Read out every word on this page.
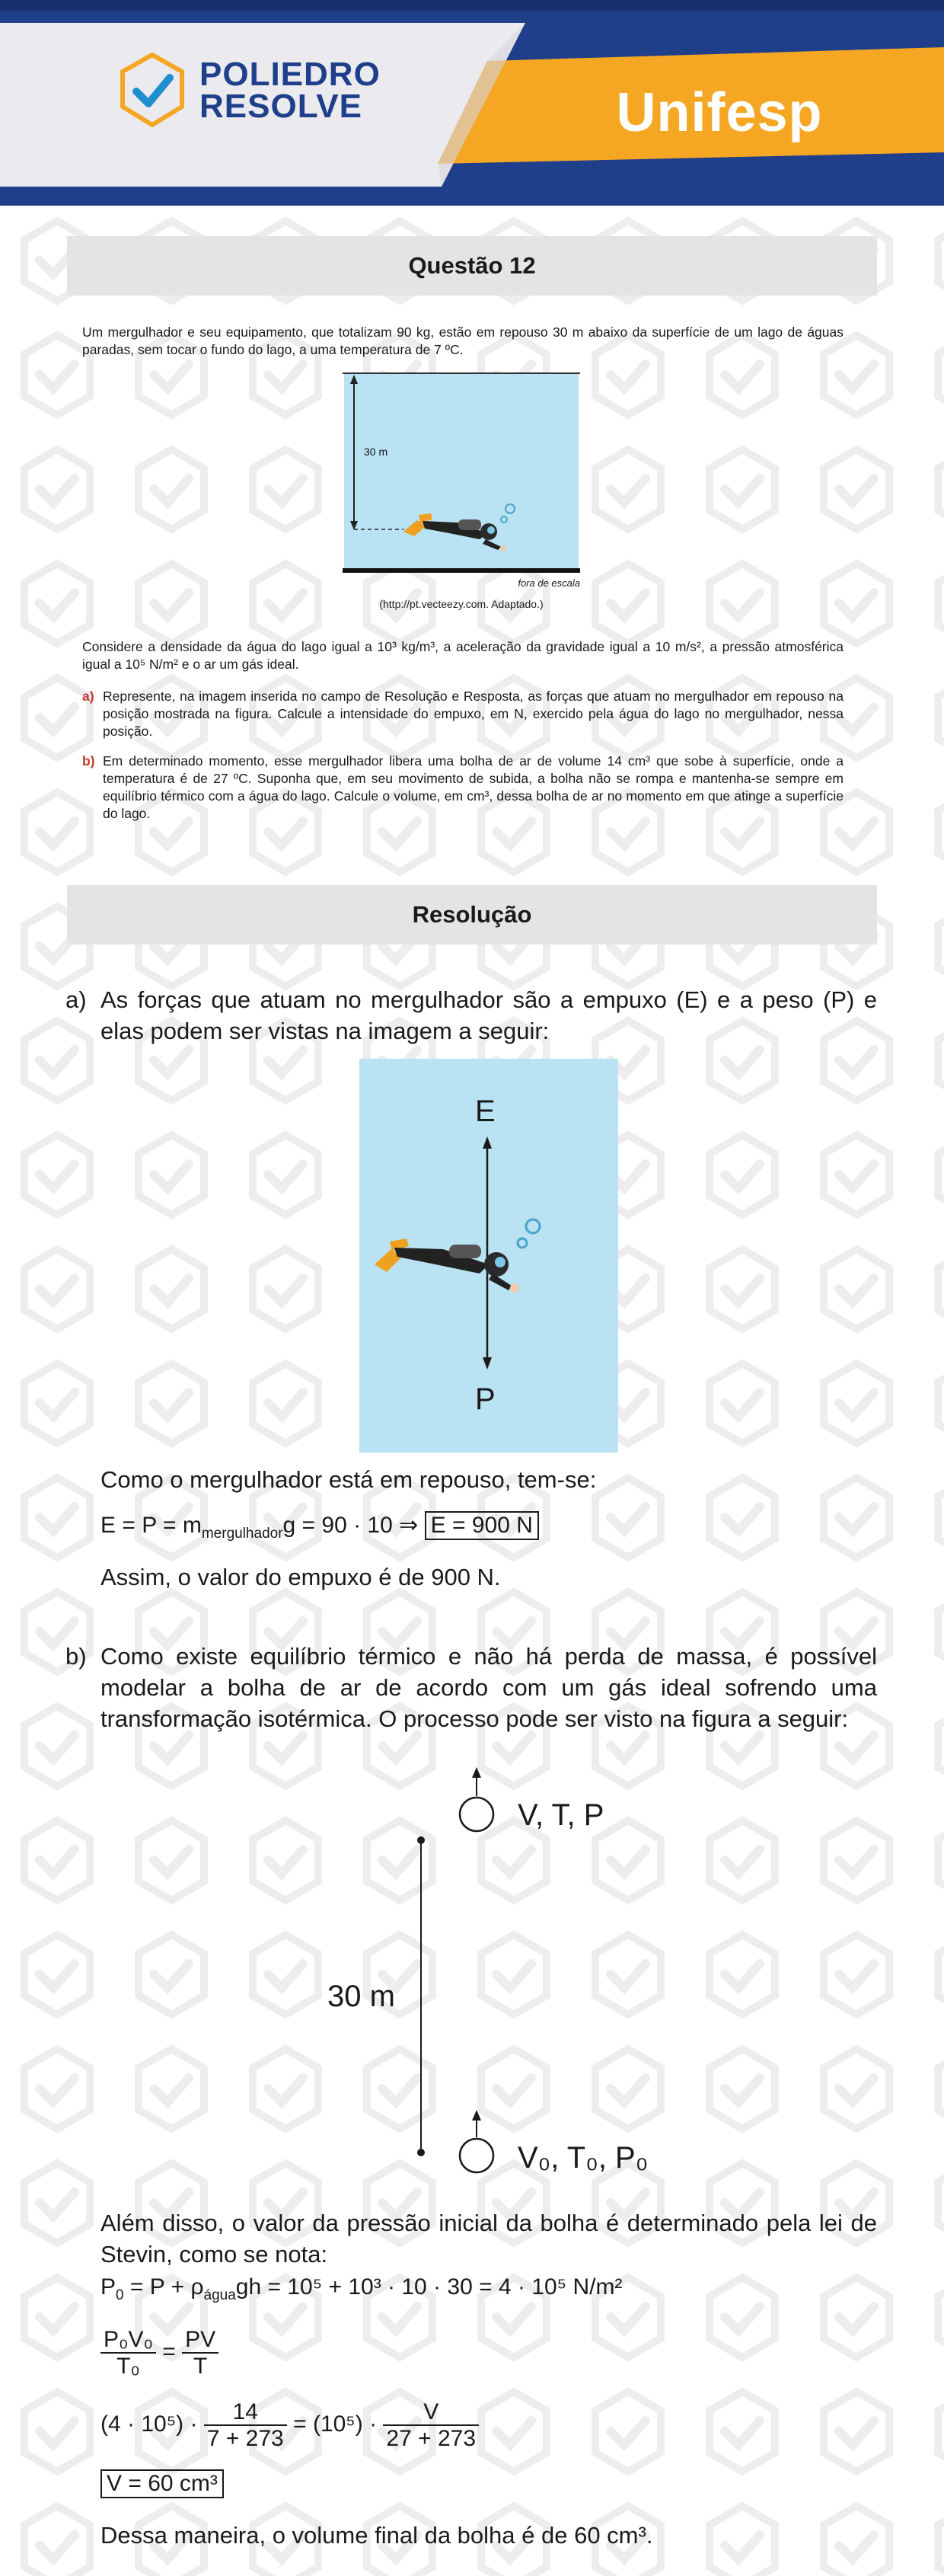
POLIEDRO
RESOLVE	Unifesp
Questão 12
Um mergulhador e seu equipamento, que totalizam 90 kg, estão em repouso 30 m abaixo da superfície de um lago de águas paradas, sem tocar o fundo do lago, a uma temperatura de 7 ºC.
30 m
fora de escala
(http://pt.vecteezy.com. Adaptado.)
Considere a densidade da água do lago igual a 10³ kg/m³, a aceleração da gravidade igual a 10 m/s², a pressão atmosférica igual a 10⁵ N/m² e o ar um gás ideal.
a) Represente, na imagem inserida no campo de Resolução e Resposta, as forças que atuam no mergulhador em repouso na posição mostrada na figura. Calcule a intensidade do empuxo, em N, exercido pela água do lago no mergulhador, nessa posição.
b) Em determinado momento, esse mergulhador libera uma bolha de ar de volume 14 cm³ que sobe à superfície, onde a temperatura é de 27 ºC. Suponha que, em seu movimento de subida, a bolha não se rompa e mantenha-se sempre em equilíbrio térmico com a água do lago. Calcule o volume, em cm³, dessa bolha de ar no momento em que atinge a superfície do lago.
Resolução
a) As forças que atuam no mergulhador são a empuxo (E) e a peso (P) e elas podem ser vistas na imagem a seguir:
E
P
Como o mergulhador está em repouso, tem-se:
$E = P = m_{mergulhador}g = 90 \cdot 10$ ⇒ E = 900 N
Assim, o valor do empuxo é de 900 N.
b) Como existe equilíbrio térmico e não há perda de massa, é possível modelar a bolha de ar de acordo com um gás ideal sofrendo uma transformação isotérmica. O processo pode ser visto na figura a seguir:
V, T, P
V₀, T₀, P₀
30 m
Além disso, o valor da pressão inicial da bolha é determinado pela lei de Stevin, como se nota:
$P_0 = P + \rho_{água}gh = 10^5 + 10^3 \cdot 10 \cdot 30 = 4 \cdot 10^5$ N/m²
$\frac{\text{P₀V₀}}{\text{T₀}} = \frac{PV}{T}$
$(4 \cdot 10^5) \cdot \frac{14}{7 + 273} = (10^5) \cdot \frac{V}{27 + 273}$
V = 60 cm³
Dessa maneira, o volume final da bolha é de 60 cm³.
